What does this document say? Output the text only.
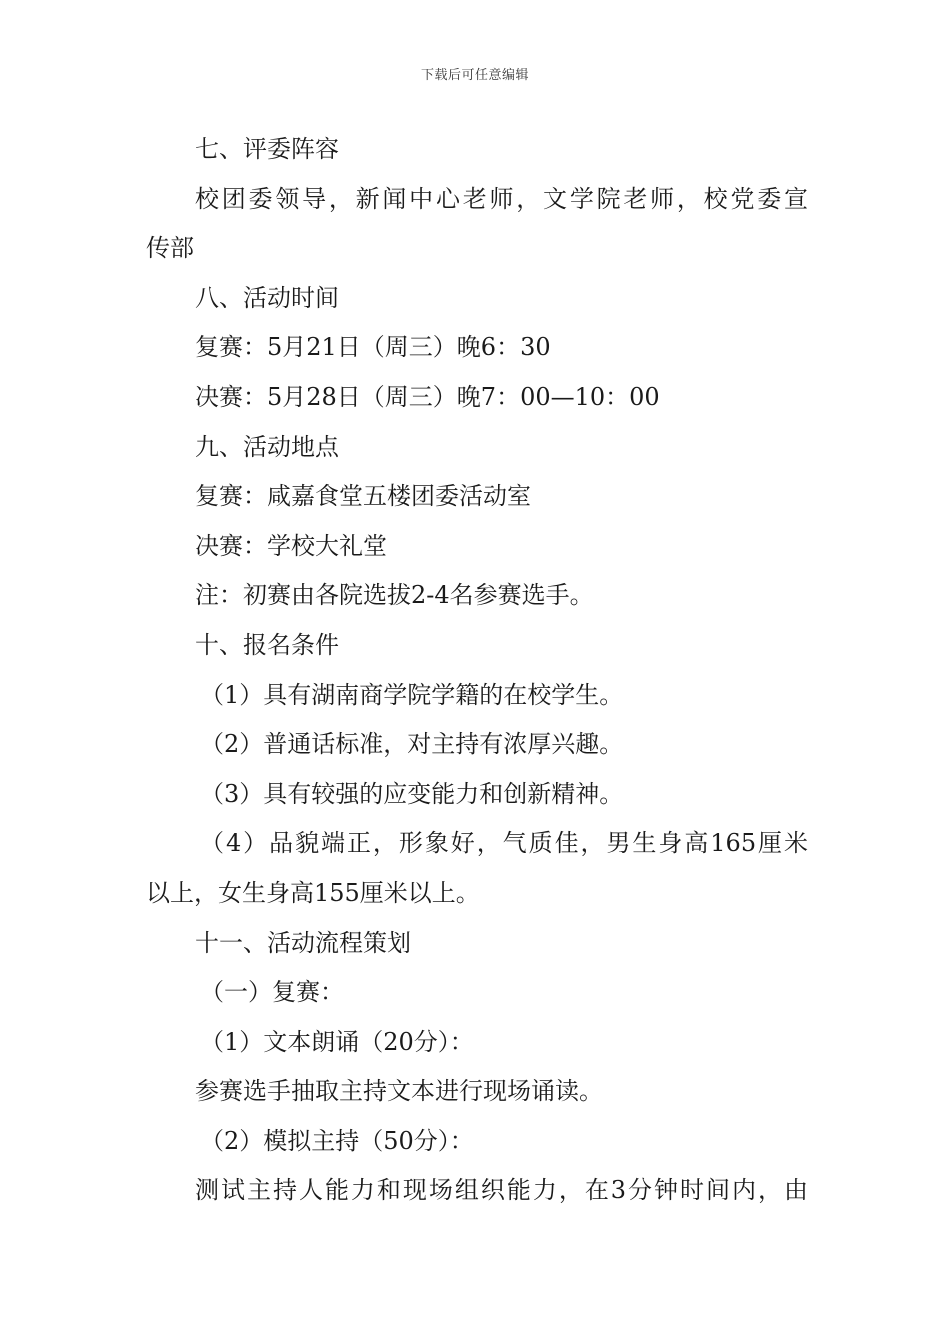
下载后可任意编辑
七、评委阵容
校团委领导，新闻中心老师，文学院老师，校党委宣
传部
八、活动时间
复赛：5月21日（周三）晚6：30
决赛：5月28日（周三）晚7：00—10：00
九、活动地点
复赛：咸嘉食堂五楼团委活动室
决赛：学校大礼堂
注：初赛由各院选拔2-4名参赛选手。
十、报名条件
（1）具有湖南商学院学籍的在校学生。
（2）普通话标准，对主持有浓厚兴趣。
（3）具有较强的应变能力和创新精神。
（4）品貌端正，形象好，气质佳，男生身高165厘米
以上，女生身高155厘米以上。
十一、活动流程策划
（一）复赛：
（1）文本朗诵（20分）：
参赛选手抽取主持文本进行现场诵读。
（2）模拟主持（50分）：
测试主持人能力和现场组织能力，在3分钟时间内，由
